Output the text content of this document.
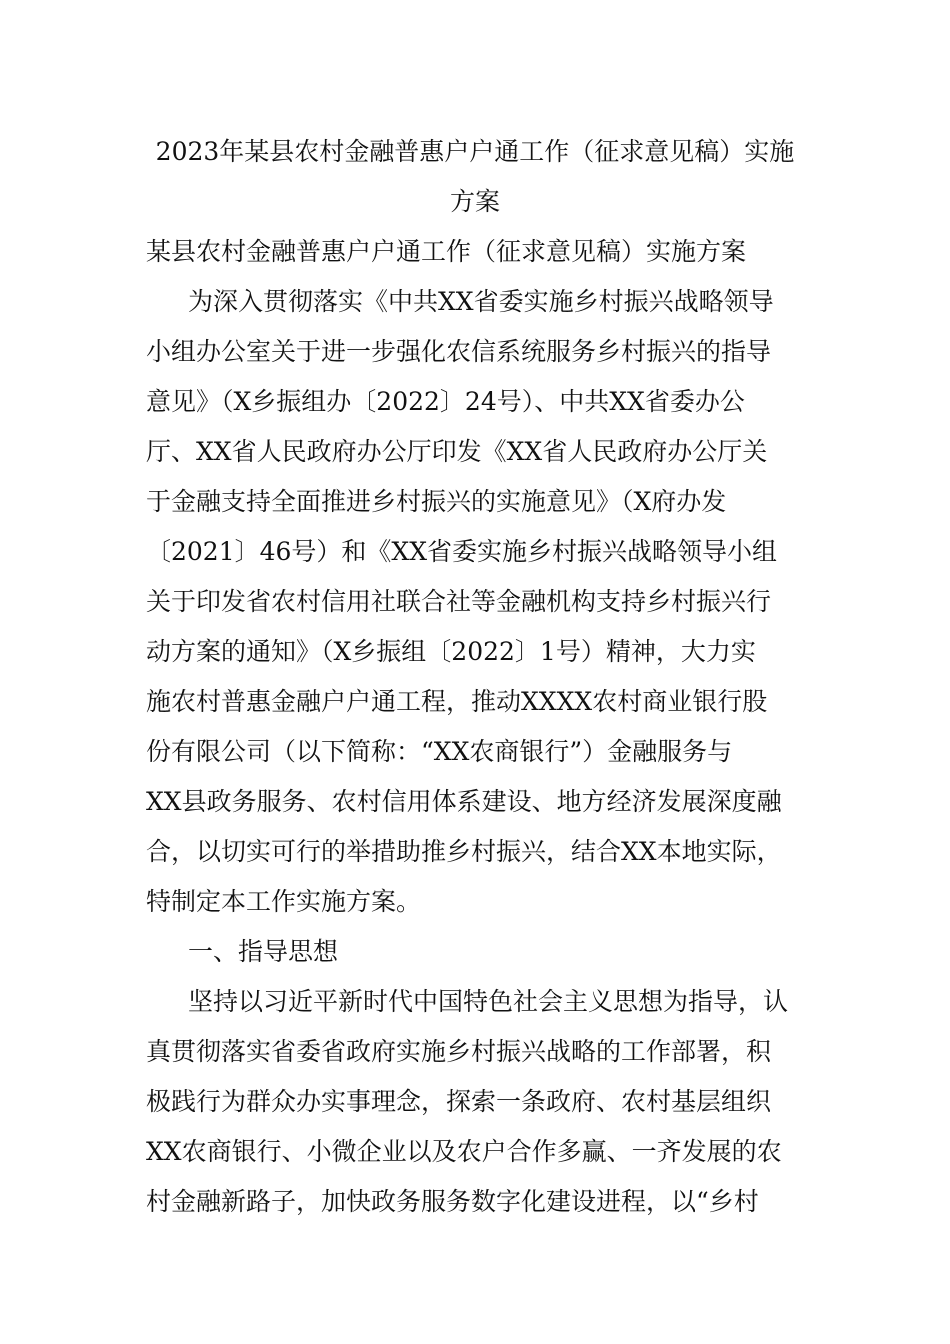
2023年某县农村金融普惠户户通工作（征求意见稿）实施
方案
某县农村金融普惠户户通工作（征求意见稿）实施方案
为深入贯彻落实《中共XX省委实施乡村振兴战略领导
小组办公室关于进一步强化农信系统服务乡村振兴的指导
意见》（X乡振组办〔2022〕24号）、中共XX省委办公
厅、XX省人民政府办公厅印发《XX省人民政府办公厅关
于金融支持全面推进乡村振兴的实施意见》（X府办发
〔2021〕46号）和《XX省委实施乡村振兴战略领导小组
关于印发省农村信用社联合社等金融机构支持乡村振兴行
动方案的通知》（X乡振组〔2022〕1号）精神，大力实
施农村普惠金融户户通工程，推动XXXX农村商业银行股
份有限公司（以下简称：“XX农商银行”）金融服务与
XX县政务服务、农村信用体系建设、地方经济发展深度融
合，以切实可行的举措助推乡村振兴，结合XX本地实际，
特制定本工作实施方案。
一、指导思想
坚持以习近平新时代中国特色社会主义思想为指导，认
真贯彻落实省委省政府实施乡村振兴战略的工作部署，积
极践行为群众办实事理念，探索一条政府、农村基层组织
XX农商银行、小微企业以及农户合作多赢、一齐发展的农
村金融新路子，加快政务服务数字化建设进程，以“乡村
